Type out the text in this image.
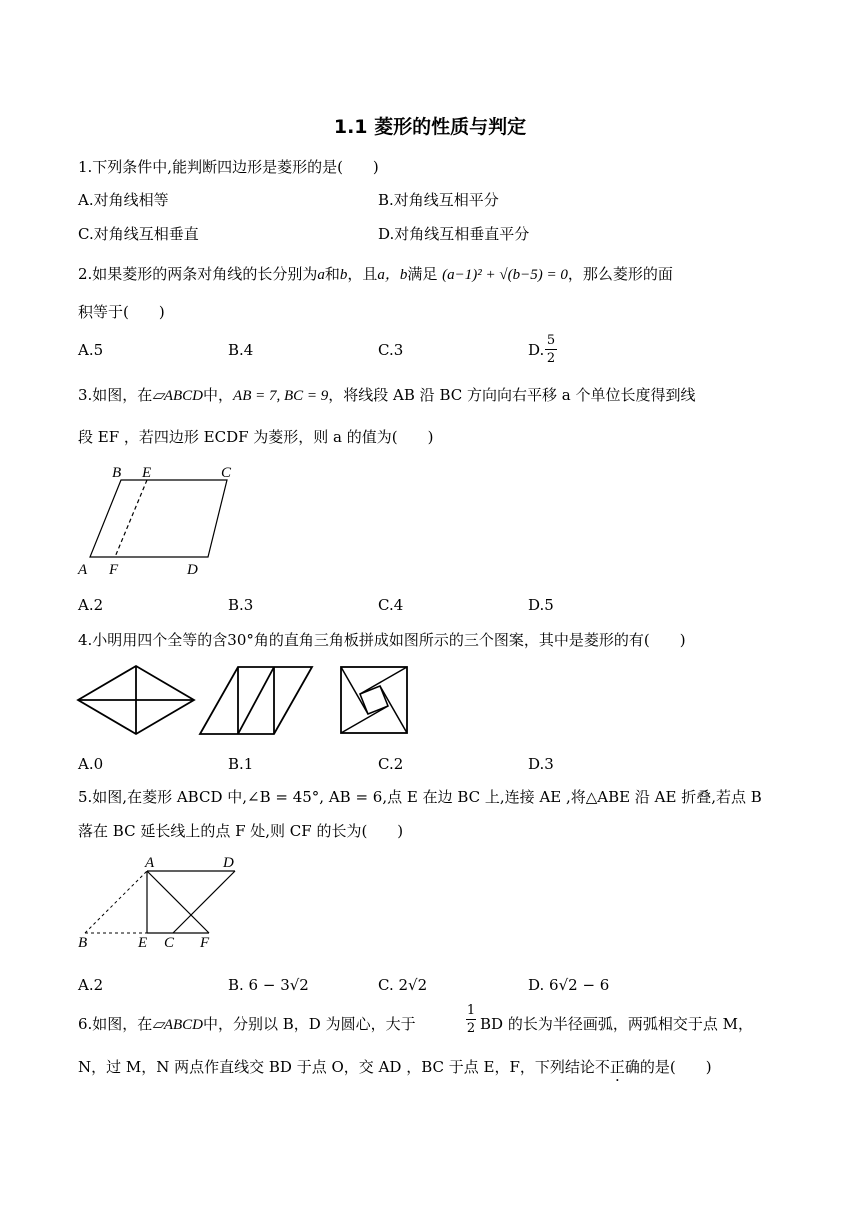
1.1 菱形的性质与判定
1.下列条件中,能判断四边形是菱形的是(　　)
A.对角线相等	B.对角线互相平分
C.对角线互相垂直	D.对角线互相垂直平分
2.如果菱形的两条对角线的长分别为a和b，且a，b满足 (a−1)² + √(b−5) = 0，那么菱形的面
积等于(　　)
A.5	B.4	C.3	D.
5
2
3.如图，在▱ABCD中，AB = 7, BC = 9，将线段 AB 沿 BC 方向向右平移 a 个单位长度得到线
段 EF ，若四边形 ECDF 为菱形，则 a 的值为(　　)
B E	C
A F	D
A.2	B.3	C.4	D.5
4.小明用四个全等的含30°角的直角三角板拼成如图所示的三个图案，其中是菱形的有(　　)
A.0	B.1	C.2	D.3
5.如图,在菱形 ABCD 中,∠B = 45°, AB = 6,点 E 在边 BC 上,连接 AE ,将△ABE 沿 AE 折叠,若点 B
落在 BC 延长线上的点 F 处,则 CF 的长为(　　)
A	D
B	E C F
A.2	B. 6 − 3√2	C. 2√2	D. 6√2 − 6
6.如图，在▱ABCD中，分别以 B，D 为圆心，大于
1
2 BD 的长为半径画弧，两弧相交于点 M，
N，过 M，N 两点作直线交 BD 于点 O，交 AD ，BC 于点 E，F，下列结论不正确的是(　　)
